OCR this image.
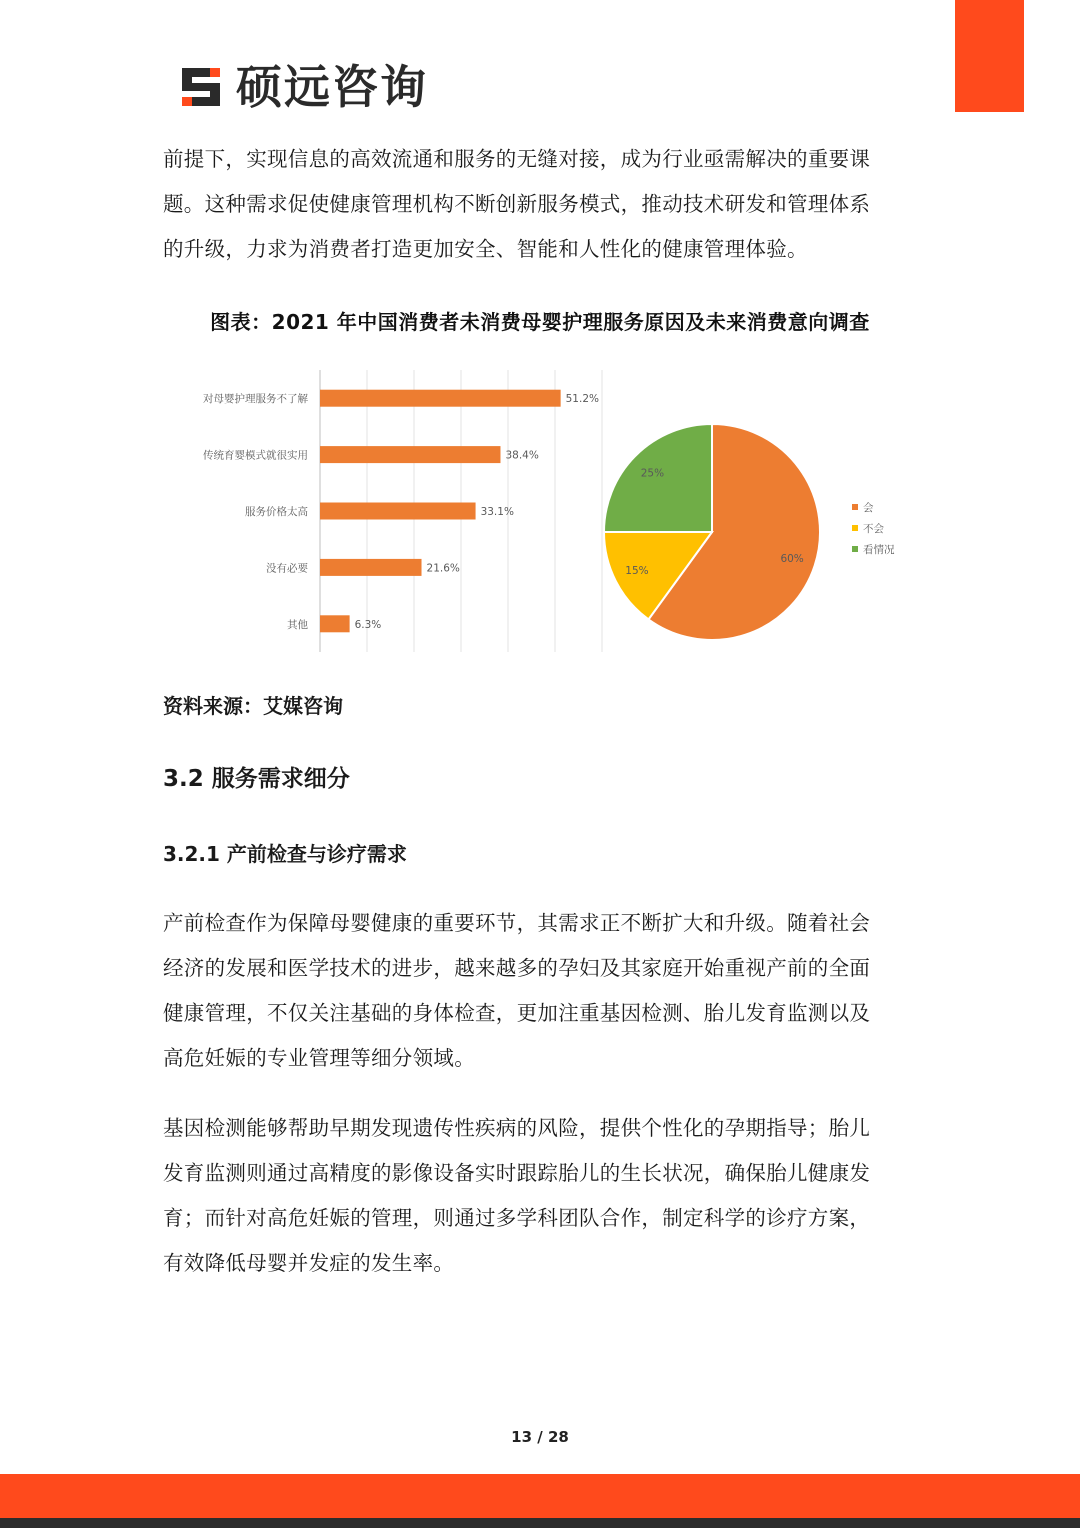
硕远咨询

前提下，实现信息的高效流通和服务的无缝对接，成为行业亟需解决的重要课

题。这种需求促使健康管理机构不断创新服务模式，推动技术研发和管理体系

的升级，力求为消费者打造更加安全、智能和人性化的健康管理体验。

图表：2021 年中国消费者未消费母婴护理服务原因及未来消费意向调查
对母婴护理服务不了解	51.2%
传统育婴模式就很实用	38.4%
服务价格太高	33.1%
没有必要	21.6%
其他	6.3%
60%
15%
25%
会
不会
看情况
资料来源：艾媒咨询
3.2 服务需求细分
3.2.1 产前检查与诊疗需求

产前检查作为保障母婴健康的重要环节，其需求正不断扩大和升级。随着社会

经济的发展和医学技术的进步，越来越多的孕妇及其家庭开始重视产前的全面

健康管理，不仅关注基础的身体检查，更加注重基因检测、胎儿发育监测以及

高危妊娠的专业管理等细分领域。

基因检测能够帮助早期发现遗传性疾病的风险，提供个性化的孕期指导；胎儿

发育监测则通过高精度的影像设备实时跟踪胎儿的生长状况，确保胎儿健康发

育；而针对高危妊娠的管理，则通过多学科团队合作，制定科学的诊疗方案，

有效降低母婴并发症的发生率。

13 / 28
